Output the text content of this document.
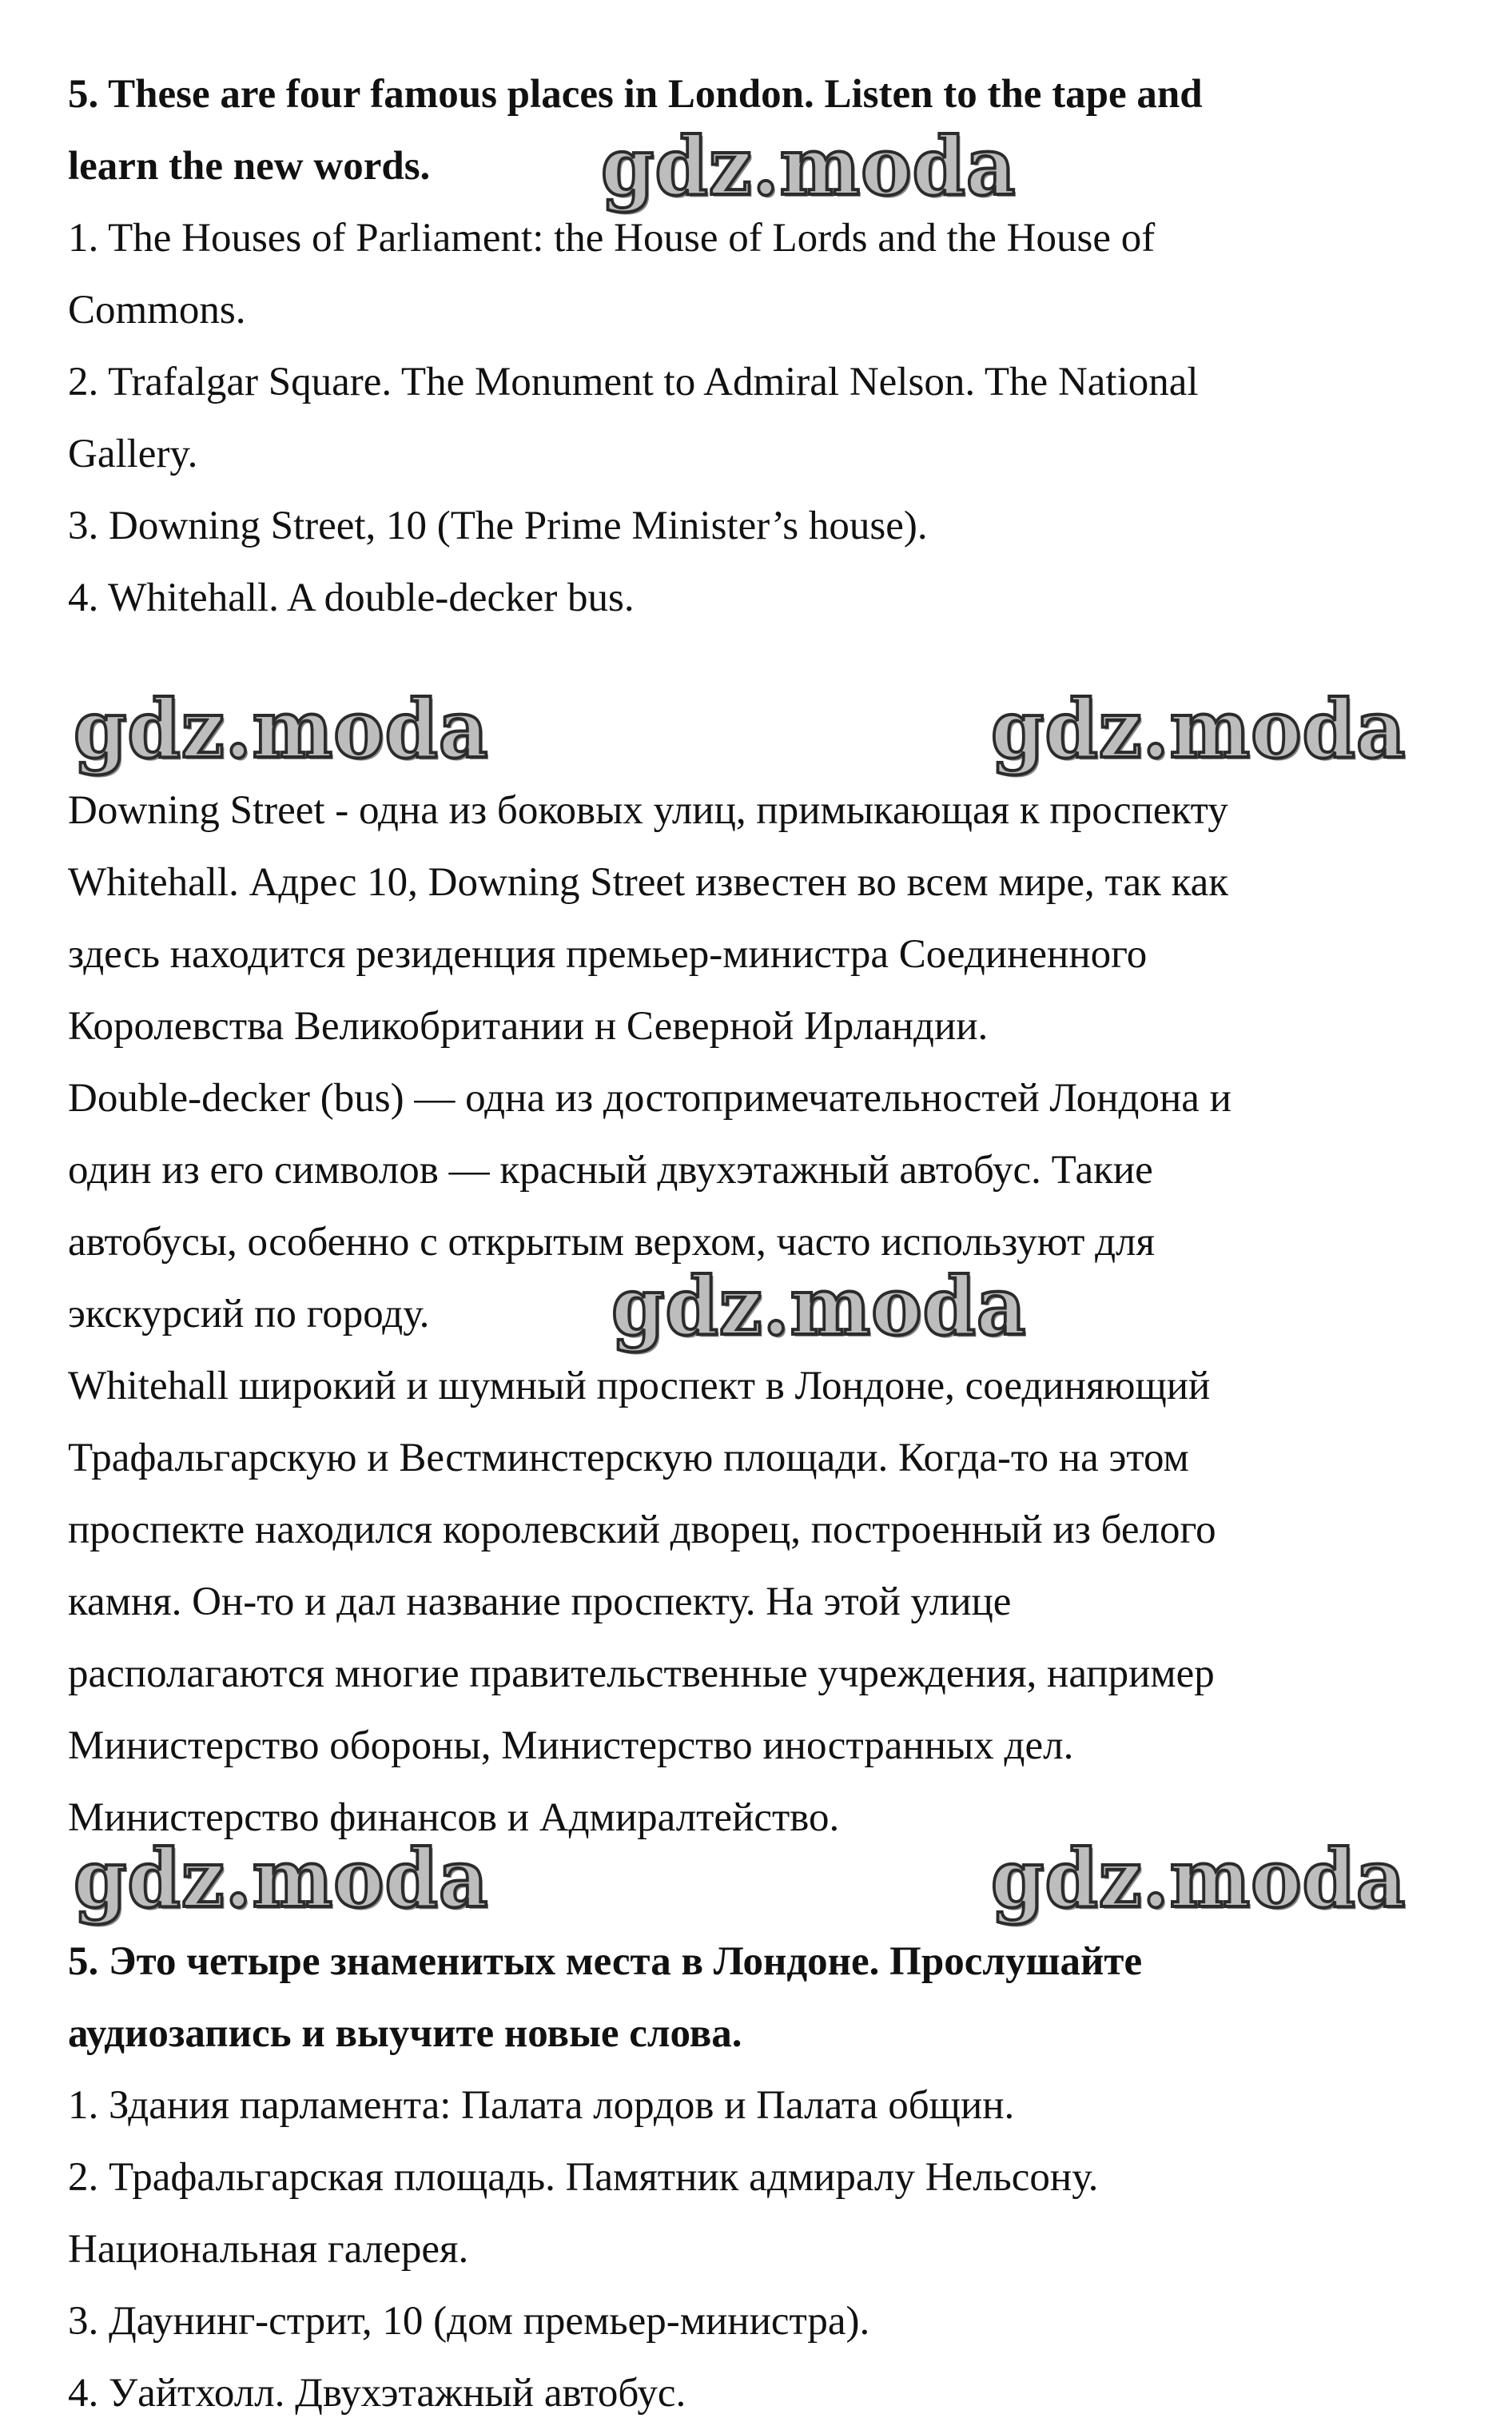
5. These are four famous places in London. Listen to the tape and
learn the new words.
1. The Houses of Parliament: the House of Lords and the House of
Commons.
2. Trafalgar Square. The Monument to Admiral Nelson. The National
Gallery.
3. Downing Street, 10 (The Prime Minister’s house).
4. Whitehall. A double-decker bus.
Downing Street - одна из боковых улиц, примыкающая к проспекту
Whitehall. Адрес 10, Downing Street известен во всем мире, так как
здесь находится резиденция премьер-министра Соединенного
Королевства Великобритании н Северной Ирландии.
Double-decker (bus) — одна из достопримечательностей Лондона и
один из его символов — красный двухэтажный автобус. Такие
автобусы, особенно с открытым верхом, часто используют для
экскурсий по городу.
Whitehall широкий и шумный проспект в Лондоне, соединяющий
Трафальгарскую и Вестминстерскую площади. Когда-то на этом
проспекте находился королевский дворец, построенный из белого
камня. Он-то и дал название проспекту. На этой улице
располагаются многие правительственные учреждения, например
Министерство обороны, Министерство иностранных дел.
Министерство финансов и Адмиралтейство.
5. Это четыре знаменитых места в Лондоне. Прослушайте
аудиозапись и выучите новые слова.
1. Здания парламента: Палата лордов и Палата общин.
2. Трафальгарская площадь. Памятник адмиралу Нельсону.
Национальная галерея.
3. Даунинг-стрит, 10 (дом премьер-министра).
4. Уайтхолл. Двухэтажный автобус.
gdz.moda
gdz.moda	gdz.moda
gdz.moda
gdz.moda	gdz.moda
